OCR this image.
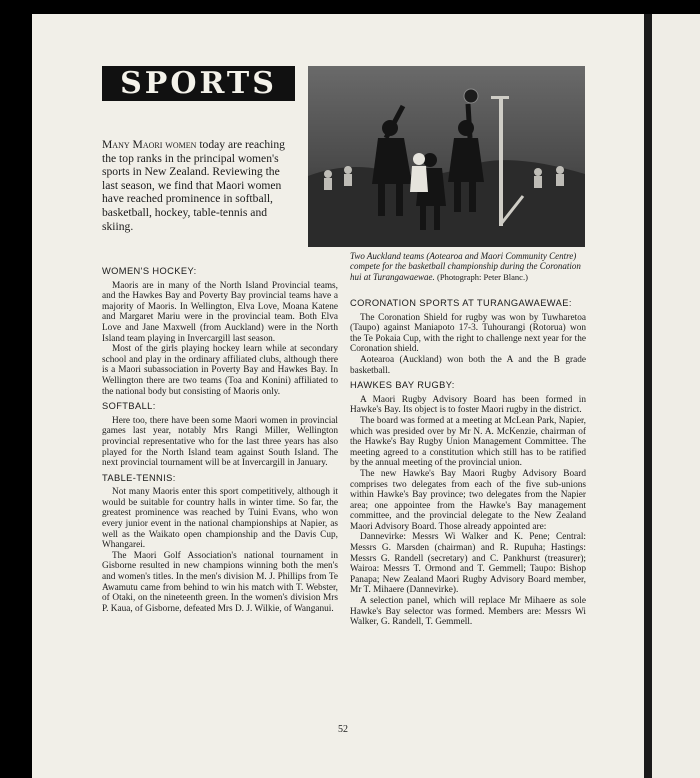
SPORTS
Many Maori women today are reaching the top ranks in the principal women's sports in New Zealand. Reviewing the last season, we find that Maori women have reached prominence in softball, basketball, hockey, table-tennis and skiing.
Two Auckland teams (Aotearoa and Maori Community Centre) compete for the basketball championship during the Coronation hui at Turangawaewae. (Photograph: Peter Blanc.)
WOMEN'S HOCKEY:

Maoris are in many of the North Island Provincial teams, and the Hawkes Bay and Poverty Bay provincial teams have a majority of Maoris. In Wellington, Elva Love, Moana Katene and Margaret Mariu were in the provincial team. Both Elva Love and Jane Maxwell (from Auckland) were in the North Island team playing in Invercargill last season.

Most of the girls playing hockey learn while at secondary school and play in the ordinary affiliated clubs, although there is a Maori subassociation in Poverty Bay and Hawkes Bay. In Wellington there are two teams (Toa and Konini) affiliated to the national body but consisting of Maoris only.

SOFTBALL:

Here too, there have been some Maori women in provincial games last year, notably Mrs Rangi Miller, Wellington provincial representative who for the last three years has also played for the North Island team against South Island. The next provincial tournament will be at Invercargill in January.

TABLE-TENNIS:

Not many Maoris enter this sport competitively, although it would be suitable for country halls in winter time. So far, the greatest prominence was reached by Tuini Evans, who won every junior event in the national championships at Napier, as well as the Waikato open championship and the Davis Cup, Whangarei.

The Maori Golf Association's national tournament in Gisborne resulted in new champions winning both the men's and women's titles. In the men's division M. J. Phillips from Te Awamutu came from behind to win his match with T. Webster, of Otaki, on the nineteenth green. In the women's division Mrs P. Kaua, of Gisborne, defeated Mrs D. J. Wilkie, of Wanganui.

CORONATION SPORTS AT TURANGAWAEWAE:

The Coronation Shield for rugby was won by Tuwharetoa (Taupo) against Maniapoto 17-3. Tuhourangi (Rotorua) won the Te Pokaia Cup, with the right to challenge next year for the Coronation shield.

Aotearoa (Auckland) won both the A and the B grade basketball.

HAWKES BAY RUGBY:

A Maori Rugby Advisory Board has been formed in Hawke's Bay. Its object is to foster Maori rugby in the district.

The board was formed at a meeting at McLean Park, Napier, which was presided over by Mr N. A. McKenzie, chairman of the Hawke's Bay Rugby Union Management Committee. The meeting agreed to a constitution which still has to be ratified by the annual meeting of the provincial union.

The new Hawke's Bay Maori Rugby Advisory Board comprises two delegates from each of the five sub-unions within Hawke's Bay province; two delegates from the Napier area; one appointee from the Hawke's Bay management committee, and the provincial delegate to the New Zealand Maori Advisory Board. Those already appointed are:

Dannevirke: Messrs Wi Walker and K. Pene; Central: Messrs G. Marsden (chairman) and R. Rupuha; Hastings: Messrs G. Randell (secretary) and C. Pankhurst (treasurer); Wairoa: Messrs T. Ormond and T. Gemmell; Taupo: Bishop Panapa; New Zealand Maori Rugby Advisory Board member, Mr T. Mihaere (Dannevirke).

A selection panel, which will replace Mr Mihaere as sole Hawke's Bay selector was formed. Members are: Messrs Wi Walker, G. Randell, T. Gemmell.

52
